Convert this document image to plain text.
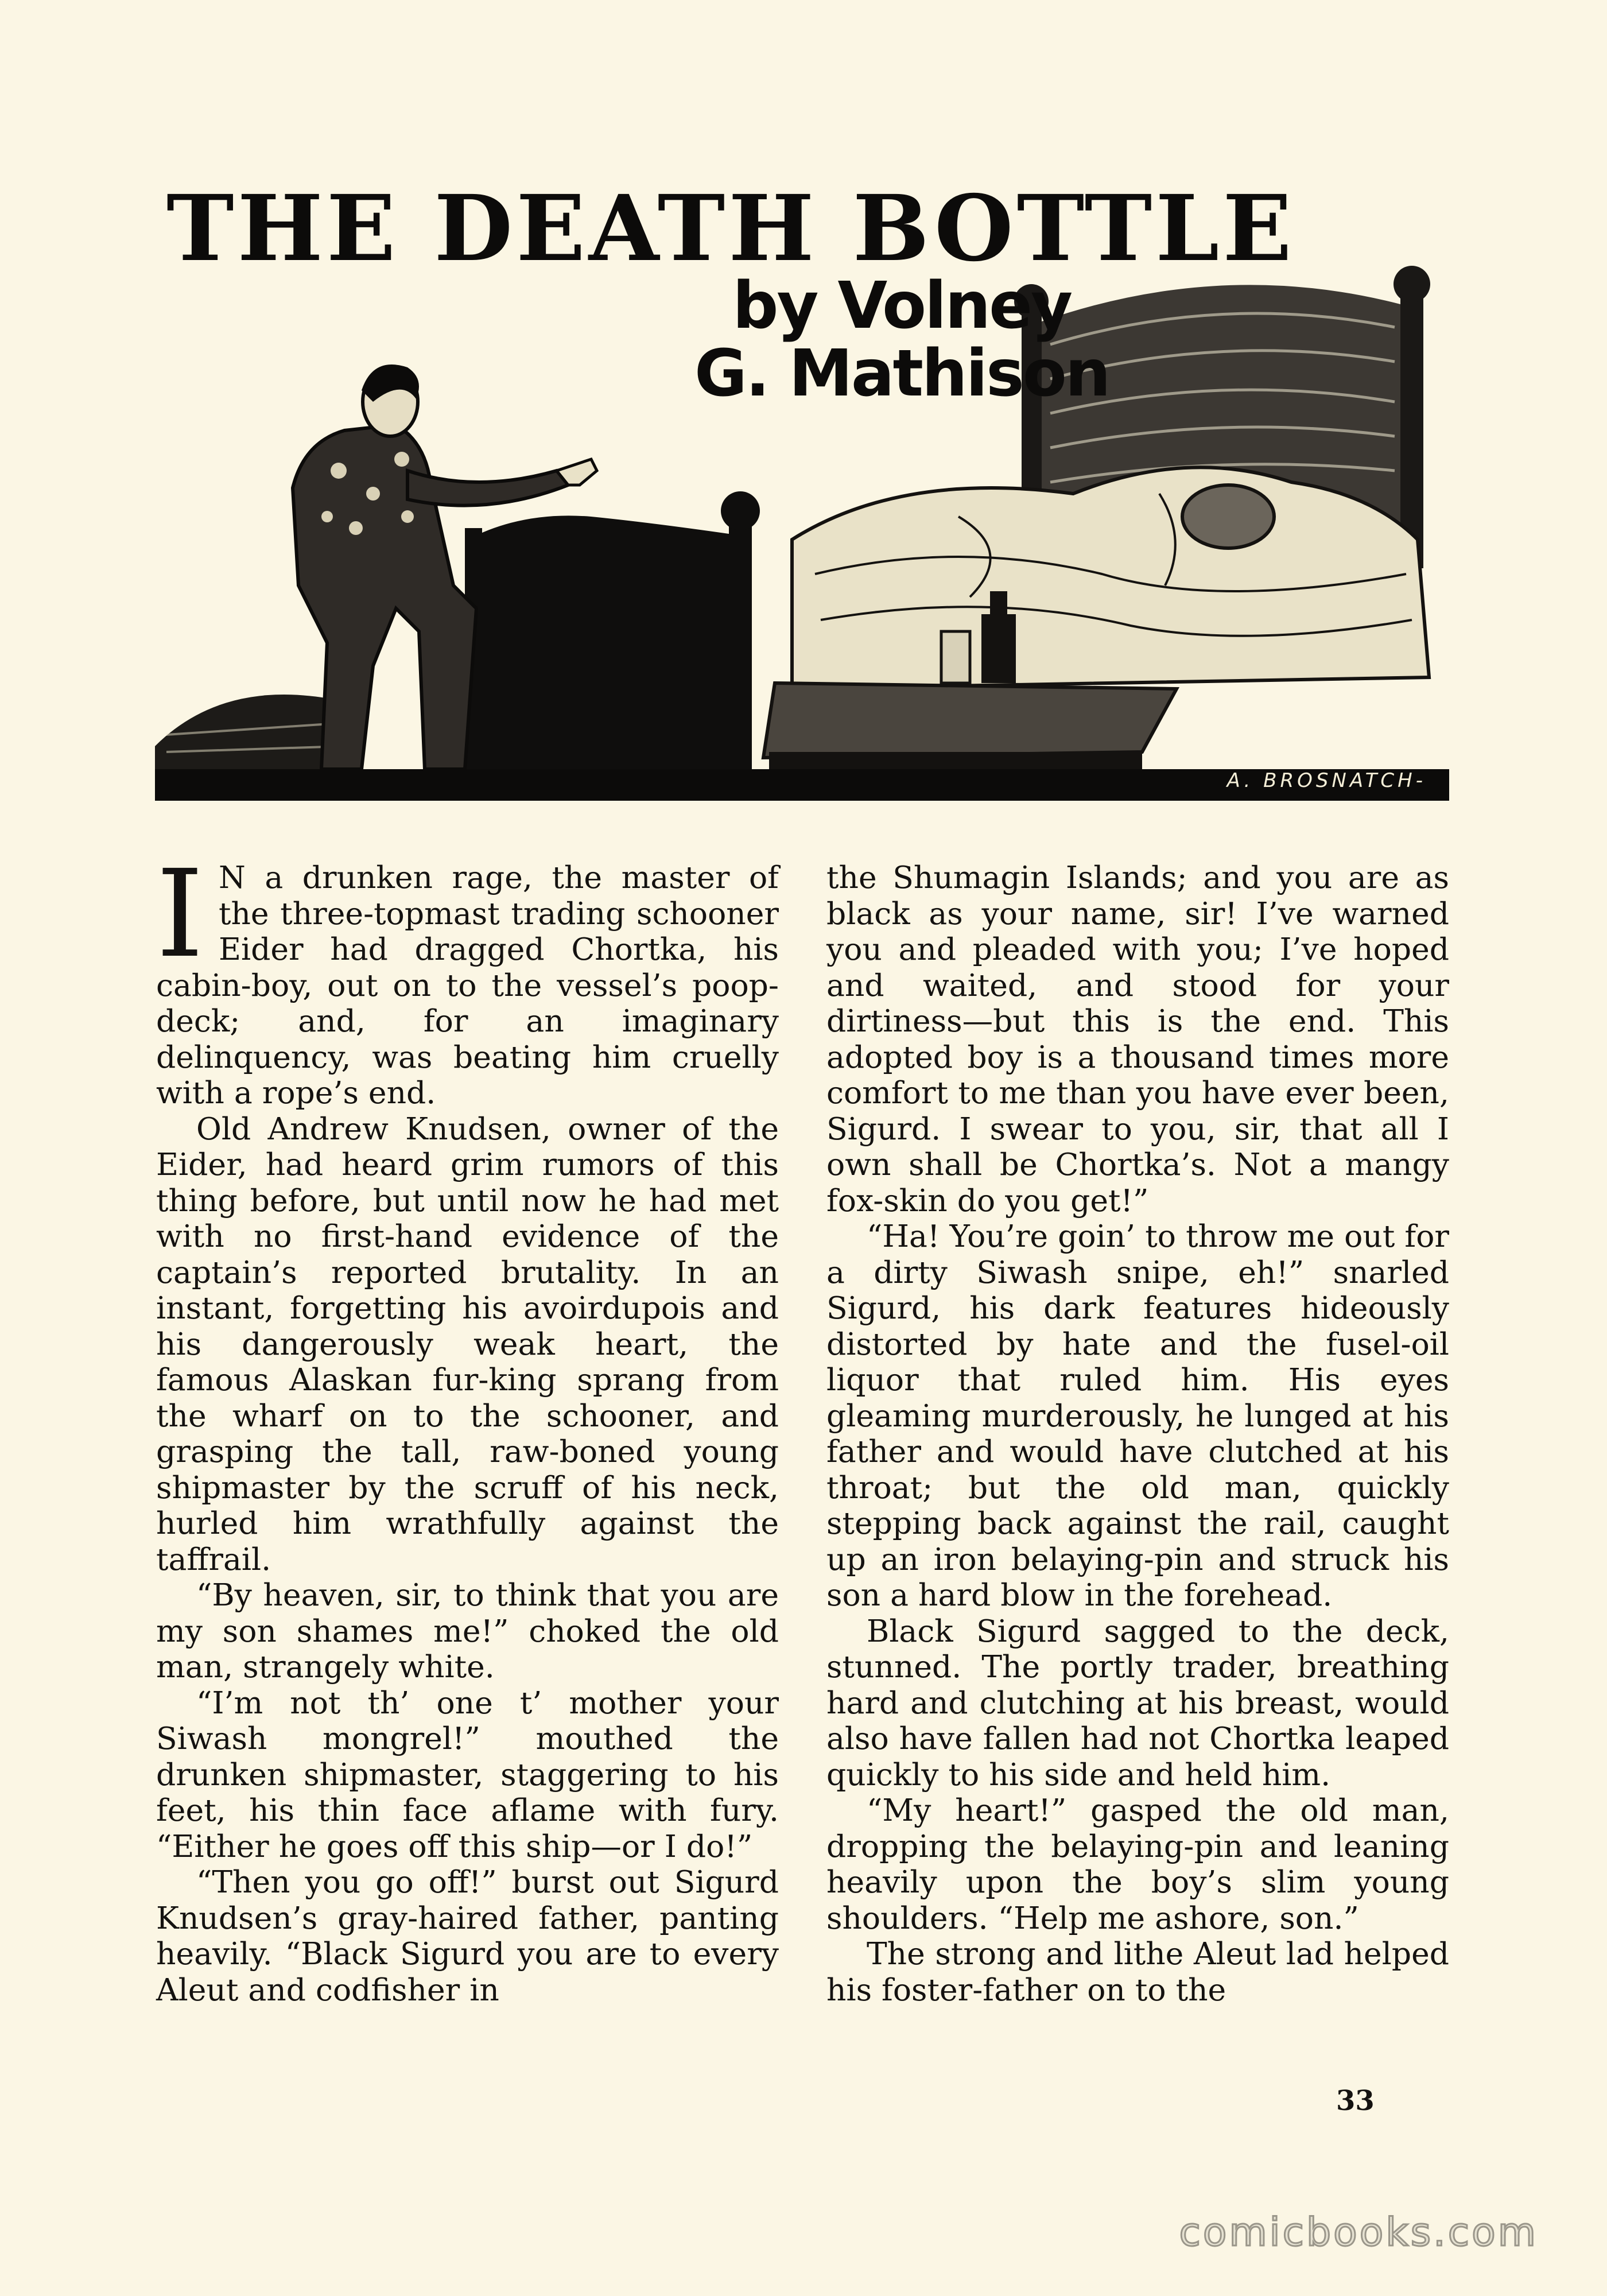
THE DEATH BOTTLE
by Volney
G. Mathison
A. BROSNATCH-

I N a drunken rage, the master of the three-topmast trading schooner Eider had dragged Chortka, his cabin-boy, out on to the vessel’s poop-deck; and, for an imaginary delinquency, was beating him cruelly with a rope’s end.

Old Andrew Knudsen, owner of the Eider, had heard grim rumors of this thing before, but until now he had met with no first-hand evidence of the captain’s reported brutality. In an instant, forgetting his avoirdupois and his dangerously weak heart, the famous Alaskan fur-king sprang from the wharf on to the schooner, and grasping the tall, raw-boned young shipmaster by the scruff of his neck, hurled him wrathfully against the taffrail.

“By heaven, sir, to think that you are my son shames me!” choked the old man, strangely white.

“I’m not th’ one t’ mother your Siwash mongrel!” mouthed the drunken shipmaster, staggering to his feet, his thin face aflame with fury. “Either he goes off this ship—or I do!”

“Then you go off!” burst out Sigurd Knudsen’s gray-haired father, panting heavily. “Black Sigurd you are to every Aleut and codfisher in

the Shumagin Islands; and you are as black as your name, sir! I’ve warned you and pleaded with you; I’ve hoped and waited, and stood for your dirtiness—but this is the end. This adopted boy is a thousand times more comfort to me than you have ever been, Sigurd. I swear to you, sir, that all I own shall be Chortka’s. Not a mangy fox-skin do you get!”

“Ha! You’re goin’ to throw me out for a dirty Siwash snipe, eh!” snarled Sigurd, his dark features hideously distorted by hate and the fusel-oil liquor that ruled him. His eyes gleaming murderously, he lunged at his father and would have clutched at his throat; but the old man, quickly stepping back against the rail, caught up an iron belaying-pin and struck his son a hard blow in the forehead.

Black Sigurd sagged to the deck, stunned. The portly trader, breathing hard and clutching at his breast, would also have fallen had not Chortka leaped quickly to his side and held him.

“My heart!” gasped the old man, dropping the belaying-pin and leaning heavily upon the boy’s slim young shoulders. “Help me ashore, son.”

The strong and lithe Aleut lad helped his foster-father on to the

33
comicbooks.com
